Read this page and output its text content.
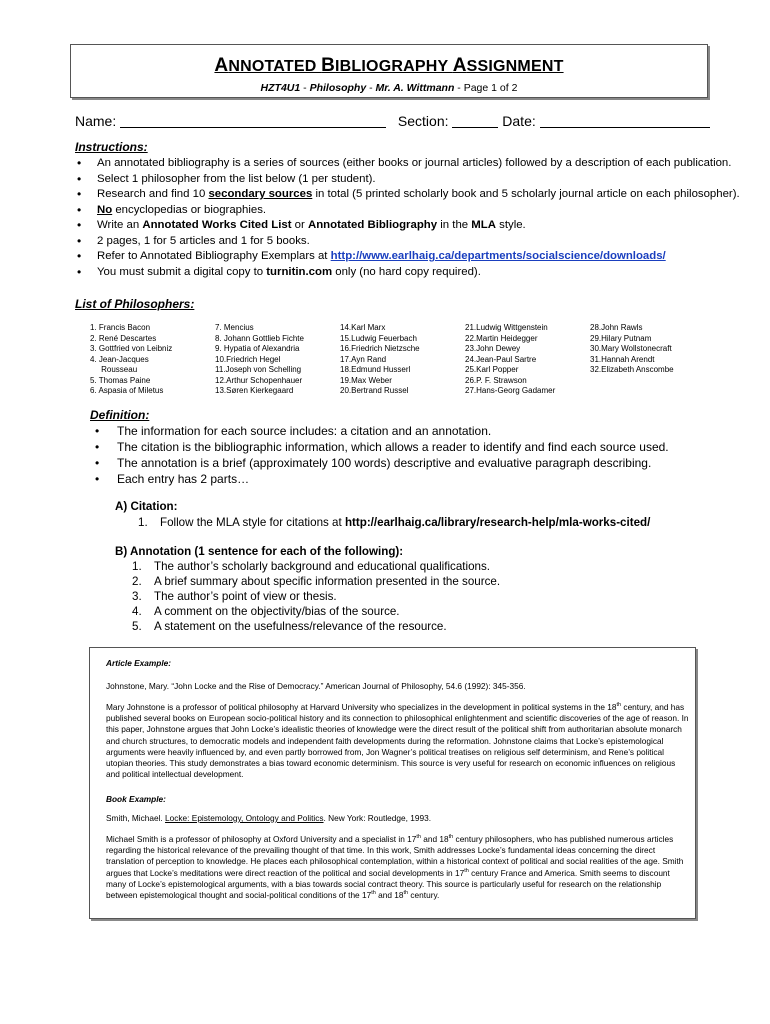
ANNOTATED BIBLIOGRAPHY ASSIGNMENT
HZT4U1 - Philosophy - Mr. A. Wittmann - Page 1 of 2
Name:	Section:	Date:
Instructions:
• An annotated bibliography is a series of sources (either books or journal articles) followed by a description of each publication.
• Select 1 philosopher from the list below (1 per student).
• Research and find 10 secondary sources in total (5 printed scholarly book and 5 scholarly journal article on each philosopher).
• No encyclopedias or biographies.
• Write an Annotated Works Cited List or Annotated Bibliography in the MLA style.
• 2 pages, 1 for 5 articles and 1 for 5 books.
• Refer to Annotated Bibliography Exemplars at http://www.earlhaig.ca/departments/socialscience/downloads/
• You must submit a digital copy to turnitin.com only (no hard copy required).
List of Philosophers:
1. Francis Bacon
2. René Descartes
3. Gottfried von Leibniz
4. Jean-Jacques
Rousseau
5. Thomas Paine
6. Aspasia of Miletus
7. Mencius
8. Johann Gottlieb Fichte
9. Hypatia of Alexandria
10.Friedrich Hegel
11.Joseph von Schelling
12.Arthur Schopenhauer
13.Søren Kierkegaard
14.Karl Marx
15.Ludwig Feuerbach
16.Friedrich Nietzsche
17.Ayn Rand
18.Edmund Husserl
19.Max Weber
20.Bertrand Russel
21.Ludwig Wittgenstein
22.Martin Heidegger
23.John Dewey
24.Jean-Paul Sartre
25.Karl Popper
26.P. F. Strawson
27.Hans-Georg Gadamer
28.John Rawls
29.Hilary Putnam
30.Mary Wollstonecraft
31.Hannah Arendt
32.Elizabeth Anscombe
Definition:
• The information for each source includes: a citation and an annotation.
• The citation is the bibliographic information, which allows a reader to identify and find each source used.
• The annotation is a brief (approximately 100 words) descriptive and evaluative paragraph describing.
• Each entry has 2 parts…
A) Citation:
1. Follow the MLA style for citations at http://earlhaig.ca/library/research-help/mla-works-cited/
B) Annotation (1 sentence for each of the following):
1. The author’s scholarly background and educational qualifications.
2. A brief summary about specific information presented in the source.
3. The author’s point of view or thesis.
4. A comment on the objectivity/bias of the source.
5. A statement on the usefulness/relevance of the resource.
Article Example:
Johnstone, Mary. “John Locke and the Rise of Democracy.” American Journal of Philosophy, 54.6 (1992): 345-356.
Mary Johnstone is a professor of political philosophy at Harvard University who specializes in the development in political systems in the 18th century, and has published several books on European socio-political history and its connection to philosophical enlightenment and scientific discoveries of the age of reason. In this paper, Johnstone argues that John Locke’s idealistic theories of knowledge were the direct result of the political shift from authoritarian absolute monarch and church structures, to democratic models and independent faith developments during the reformation. Johnstone claims that Locke’s epistemological arguments were heavily influenced by, and even partly borrowed from, Jon Wagner’s political treatises on religious self determinism, and Rene’s political utopian theories. This study demonstrates a bias toward economic determinism. This source is very useful for research on economic influences on religious and political intellectual development.
Book Example:
Smith, Michael. Locke: Epistemology, Ontology and Politics. New York: Routledge, 1993.
Michael Smith is a professor of philosophy at Oxford University and a specialist in 17th and 18th century philosophers, who has published numerous articles regarding the historical relevance of the prevailing thought of that time. In this work, Smith addresses Locke’s fundamental ideas concerning the direct translation of perception to knowledge. He places each philosophical contemplation, within a historical context of political and social realities of the age. Smith argues that Locke’s meditations were direct reaction of the political and social developments in 17th century France and America. Smith seems to discount many of Locke’s epistemological arguments, with a bias towards social contract theory. This source is particularly useful for research on the relationship between epistemological thought and social-political conditions of the 17th and 18th century.
